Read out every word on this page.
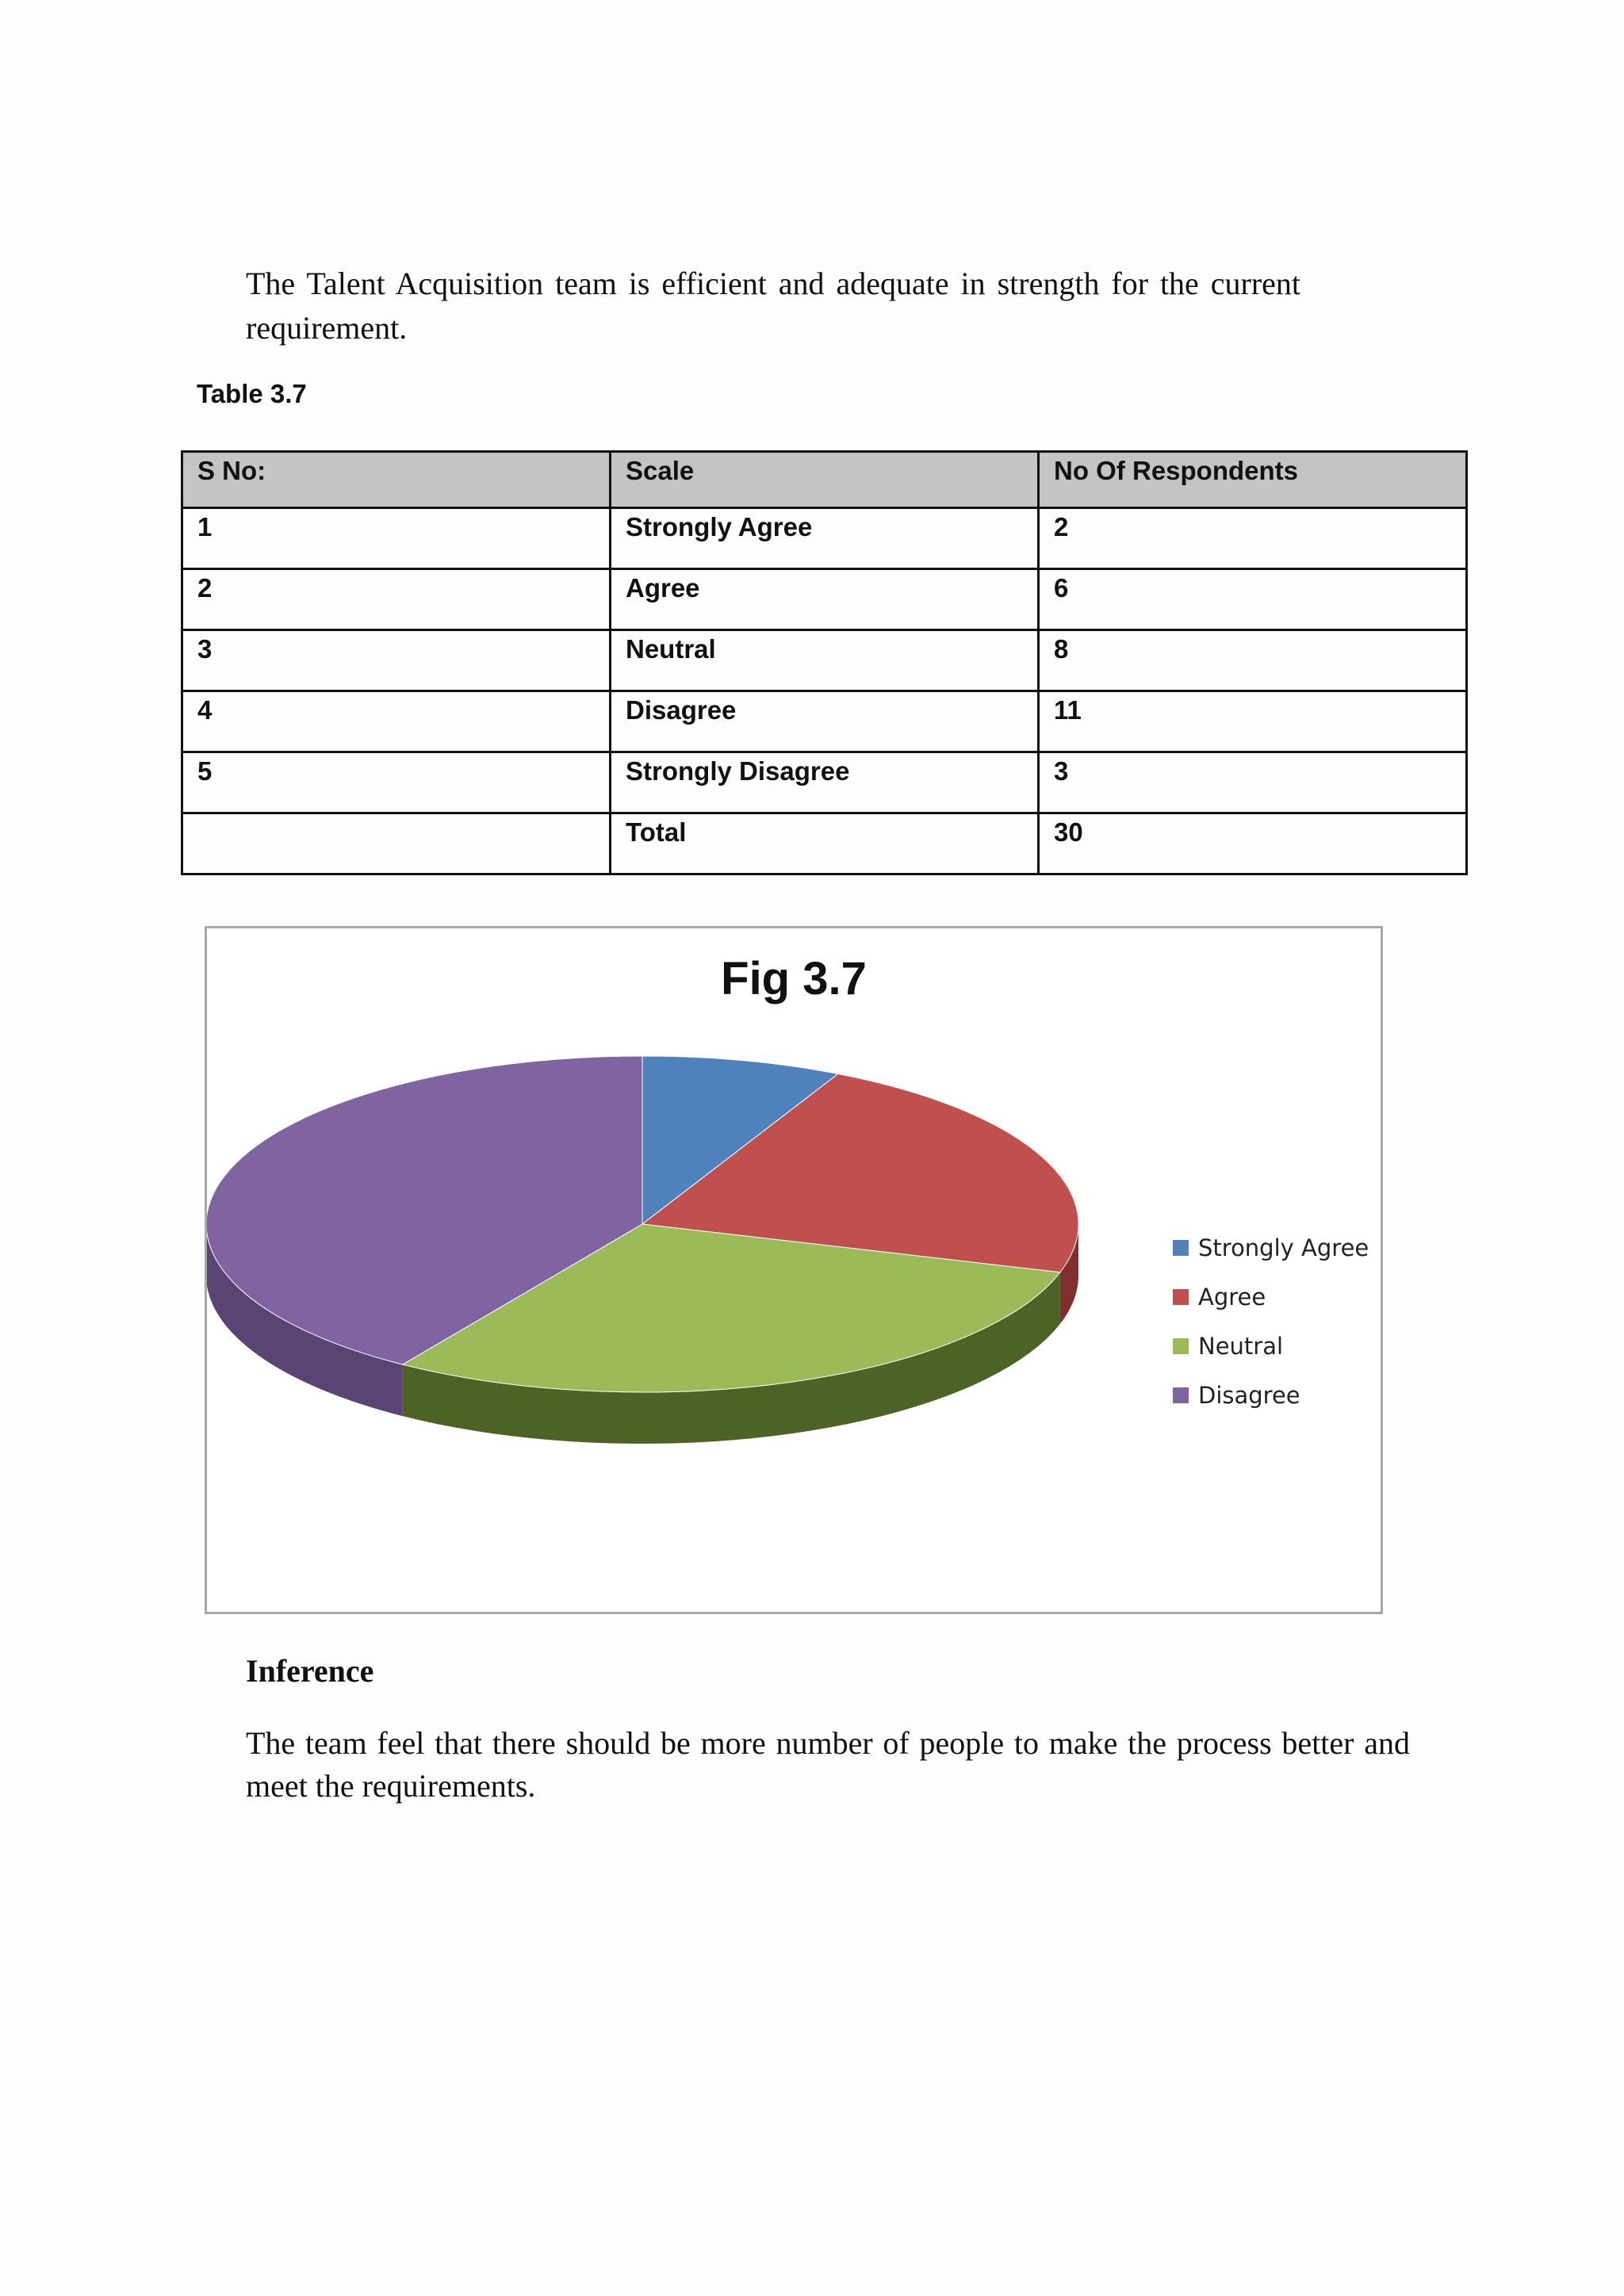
The Talent Acquisition team is efficient and adequate in strength for the current requirement.
Table 3.7
S No:	Scale	No Of Respondents
1	Strongly Agree	2
2	Agree	6
3	Neutral	8
4	Disagree	11
5	Strongly Disagree	3
	Total	30
Fig 3.7
Strongly Agree
Agree
Neutral
Disagree
Inference
The team feel that there should be more number of people to make the process better and meet the requirements.
